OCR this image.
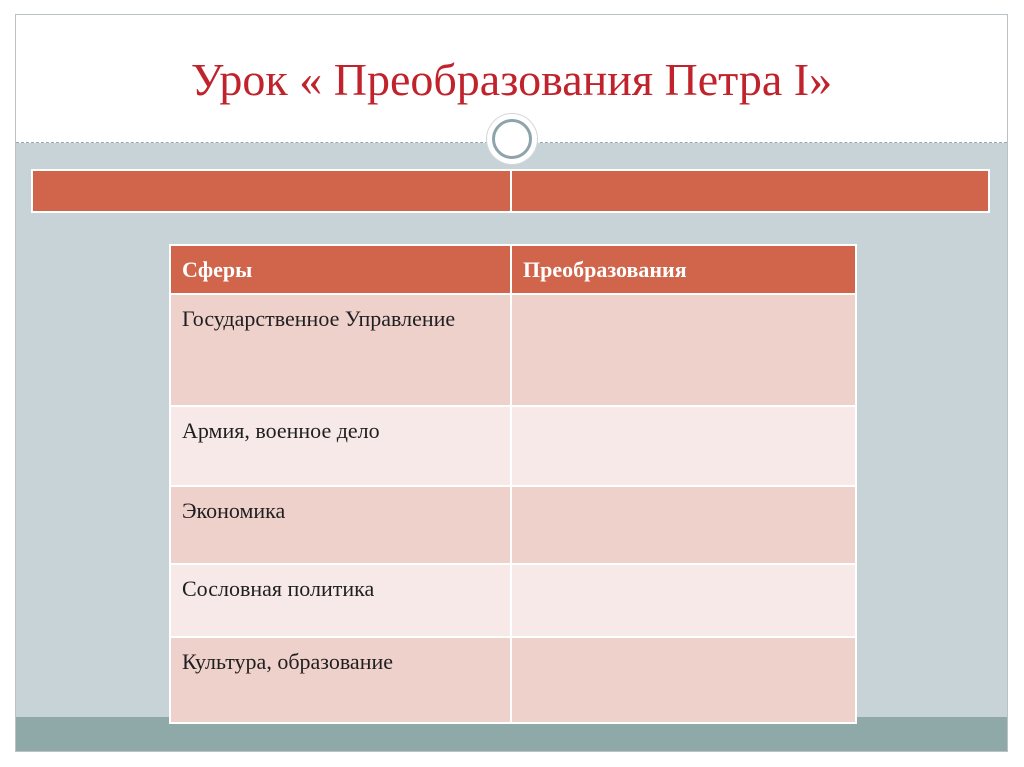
Урок « Преобразования Петра I»
Сферы	Преобразования
Государственное Управление	
Армия, военное дело	
Экономика	
Сословная политика	
Культура, образование	
